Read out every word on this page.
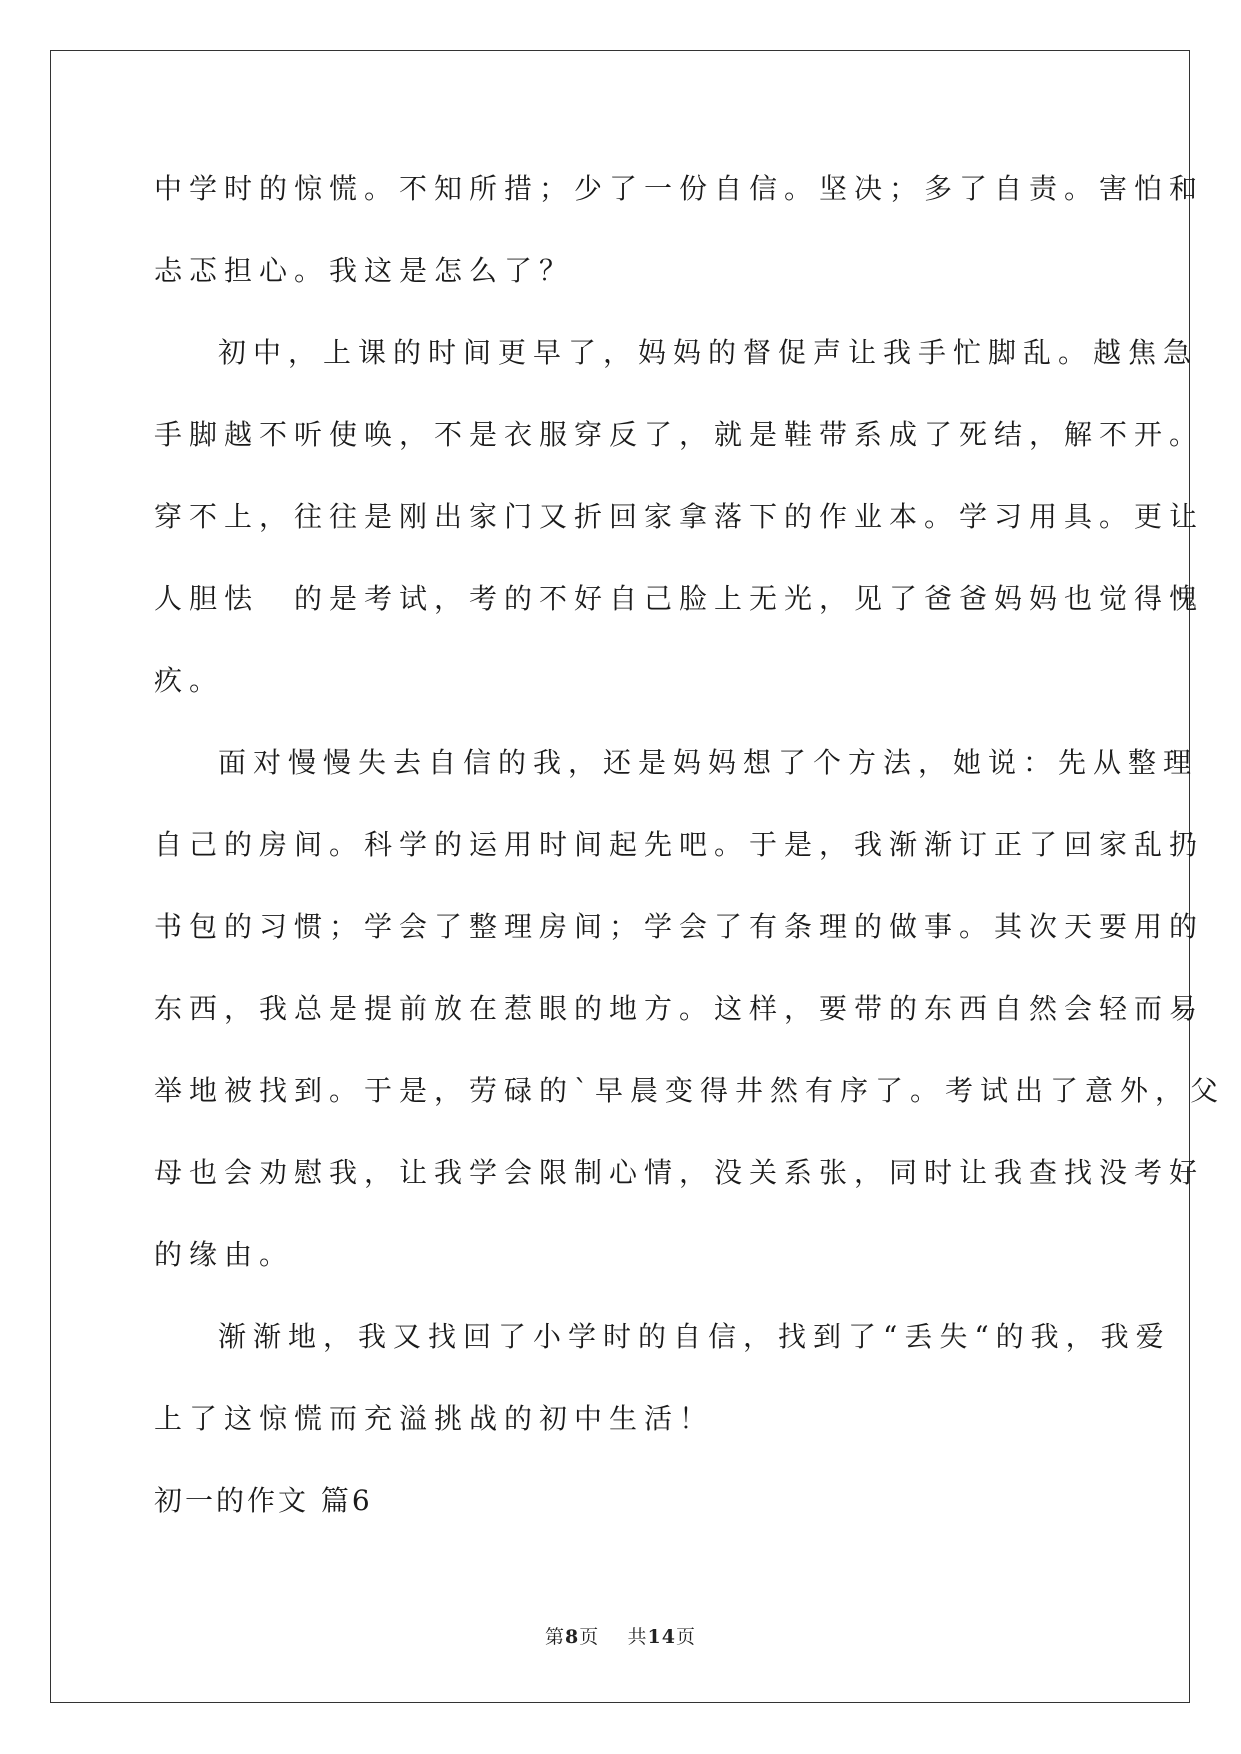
中学时的惊慌。不知所措；少了一份自信。坚决；多了自责。害怕和
忐忑担心。我这是怎么了？
初中，上课的时间更早了，妈妈的督促声让我手忙脚乱。越焦急
手脚越不听使唤，不是衣服穿反了，就是鞋带系成了死结，解不开。
穿不上，往往是刚出家门又折回家拿落下的作业本。学习用具。更让
人胆怯　的是考试，考的不好自己脸上无光，见了爸爸妈妈也觉得愧
疚。
面对慢慢失去自信的我，还是妈妈想了个方法，她说：先从整理
自己的房间。科学的运用时间起先吧。于是，我渐渐订正了回家乱扔
书包的习惯；学会了整理房间；学会了有条理的做事。其次天要用的
东西，我总是提前放在惹眼的地方。这样，要带的东西自然会轻而易
举地被找到。于是，劳碌的`早晨变得井然有序了。考试出了意外，父
母也会劝慰我，让我学会限制心情，没关系张，同时让我查找没考好
的缘由。
渐渐地，我又找回了小学时的自信，找到了“丢失“的我，我爱
上了这惊慌而充溢挑战的初中生活！
初一的作文 篇6
第8页 共14页
